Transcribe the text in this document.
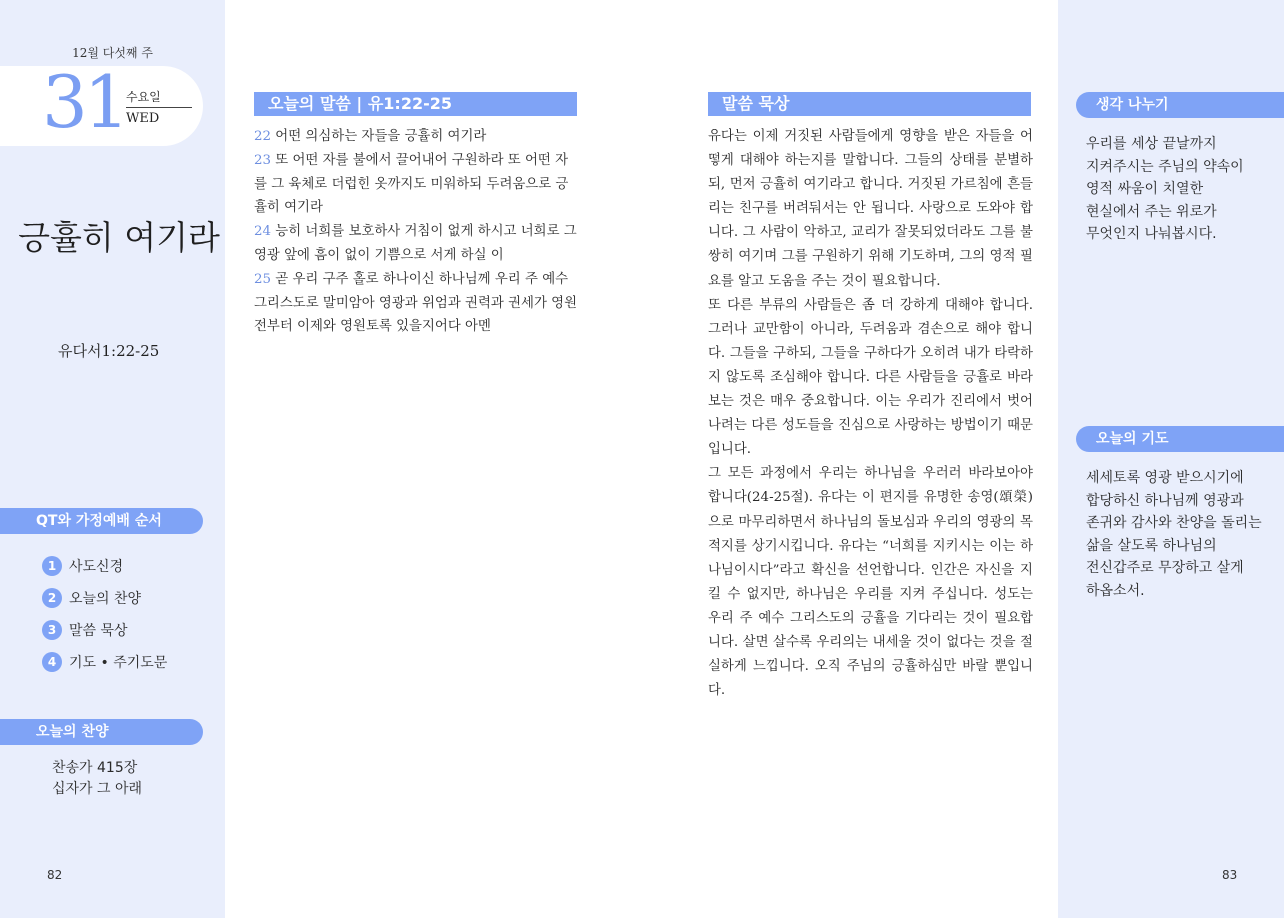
12월 다섯째 주
31 수요일
WED
긍휼히 여기라
유다서1:22-25
QT와 가정예배 순서
1 사도신경
2 오늘의 찬양
3 말씀 묵상
4 기도 • 주기도문
오늘의 찬양
찬송가 415장
십자가 그 아래
82
오늘의 말씀 | 유1:22-25
22 어떤 의심하는 자들을 긍휼히 여기라
23 또 어떤 자를 불에서 끌어내어 구원하라 또 어떤 자를 그 육체로 더럽힌 옷까지도 미워하되 두려움으로 긍휼히 여기라
24 능히 너희를 보호하사 거침이 없게 하시고 너희로 그 영광 앞에 흠이 없이 기쁨으로 서게 하실 이
25 곧 우리 구주 홀로 하나이신 하나님께 우리 주 예수 그리스도로 말미암아 영광과 위엄과 권력과 권세가 영원 전부터 이제와 영원토록 있을지어다 아멘
말씀 묵상

유다는 이제 거짓된 사람들에게 영향을 받은 자들을 어떻게 대해야 하는지를 말합니다. 그들의 상태를 분별하되, 먼저 긍휼히 여기라고 합니다. 거짓된 가르침에 흔들리는 친구를 버려둬서는 안 됩니다. 사랑으로 도와야 합니다. 그 사람이 악하고, 교리가 잘못되었더라도 그를 불쌍히 여기며 그를 구원하기 위해 기도하며, 그의 영적 필요를 알고 도움을 주는 것이 필요합니다.

또 다른 부류의 사람들은 좀 더 강하게 대해야 합니다. 그러나 교만함이 아니라, 두려움과 겸손으로 해야 합니다. 그들을 구하되, 그들을 구하다가 오히려 내가 타락하지 않도록 조심해야 합니다. 다른 사람들을 긍휼로 바라보는 것은 매우 중요합니다. 이는 우리가 진리에서 벗어나려는 다른 성도들을 진심으로 사랑하는 방법이기 때문입니다.

그 모든 과정에서 우리는 하나님을 우러러 바라보아야 합니다(24-25절). 유다는 이 편지를 유명한 송영(頌榮)으로 마무리하면서 하나님의 돌보심과 우리의 영광의 목적지를 상기시킵니다. 유다는 “너희를 지키시는 이는 하나님이시다”라고 확신을 선언합니다. 인간은 자신을 지킬 수 없지만, 하나님은 우리를 지켜 주십니다. 성도는 우리 주 예수 그리스도의 긍휼을 기다리는 것이 필요합니다. 살면 살수록 우리의는 내세울 것이 없다는 것을 절실하게 느낍니다. 오직 주님의 긍휼하심만 바랄 뿐입니다.

생각 나누기
우리를 세상 끝날까지
지켜주시는 주님의 약속이
영적 싸움이 치열한
현실에서 주는 위로가
무엇인지 나눠봅시다.
오늘의 기도
세세토록 영광 받으시기에
합당하신 하나님께 영광과
존귀와 감사와 찬양을 돌리는
삶을 살도록 하나님의
전신갑주로 무장하고 살게
하옵소서.
83
